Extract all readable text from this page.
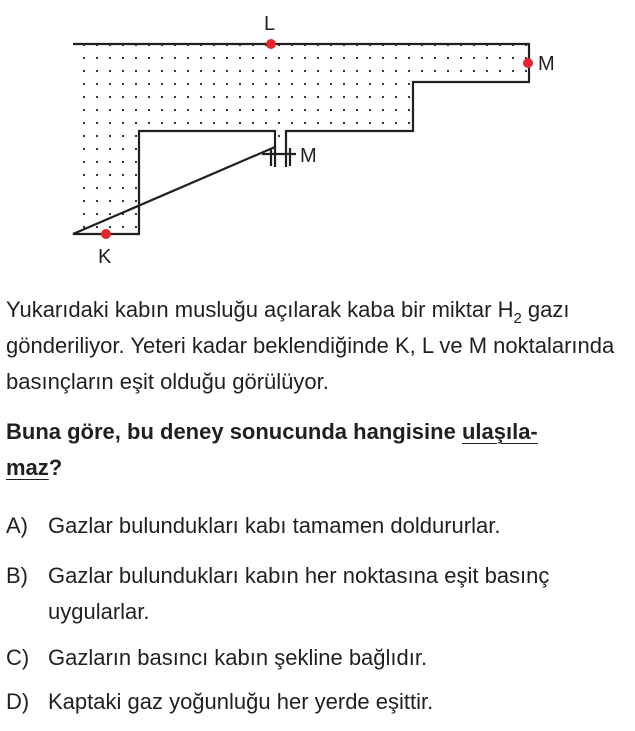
L
M
M
K

Yukarıdaki kabın musluğu açılarak kaba bir miktar $H_2$ gazı gönderiliyor. Yeteri kadar beklendiğinde K, L ve M noktalarında basınçların eşit olduğu görülüyor.

Buna göre, bu deney sonucunda hangisine ulaşıla-
maz?

A) Gazlar bulundukları kabı tamamen doldururlar.
B) Gazlar bulundukları kabın her noktasına eşit basınç uygularlar.
C) Gazların basıncı kabın şekline bağlıdır.
D) Kaptaki gaz yoğunluğu her yerde eşittir.
